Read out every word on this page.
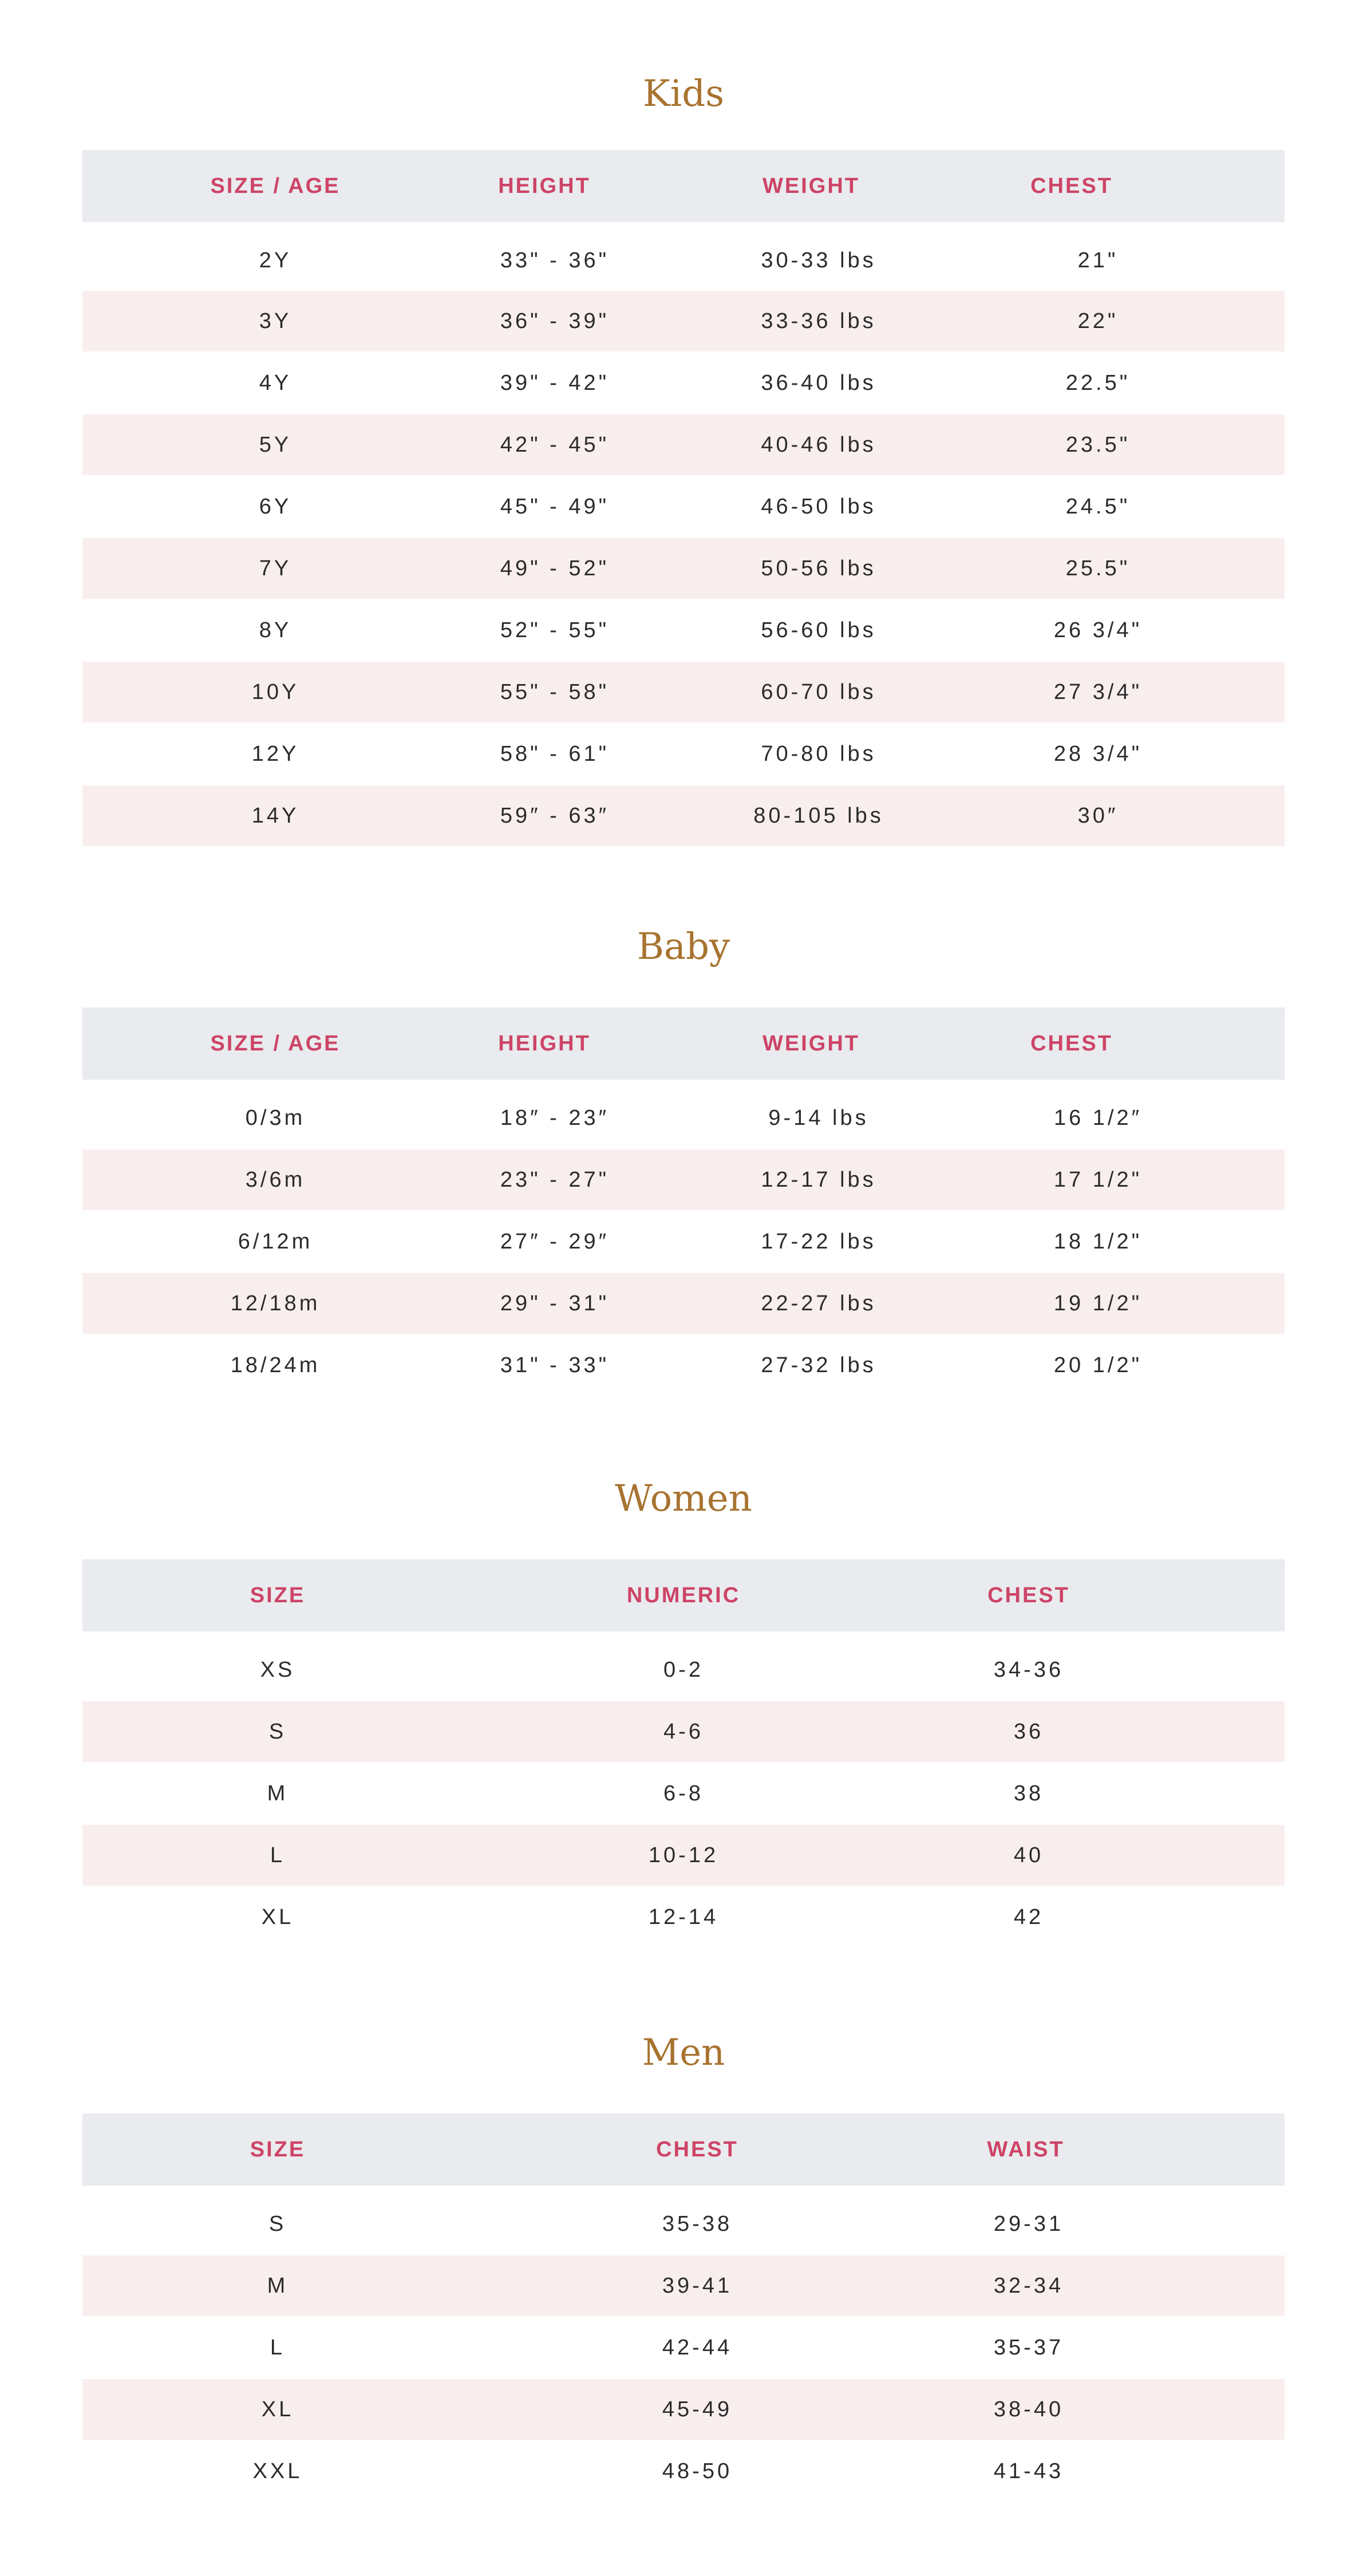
Kids
SIZE / AGE	HEIGHT	WEIGHT	CHEST
2Y	33" - 36"	30-33 lbs	21"
3Y	36" - 39"	33-36 lbs	22"
4Y	39" - 42"	36-40 lbs	22.5"
5Y	42" - 45"	40-46 lbs	23.5"
6Y	45" - 49"	46-50 lbs	24.5"
7Y	49" - 52"	50-56 lbs	25.5"
8Y	52" - 55"	56-60 lbs	26 3/4"
10Y	55" - 58"	60-70 lbs	27 3/4"
12Y	58" - 61"	70-80 lbs	28 3/4"
14Y	59″ - 63″	80-105 lbs	30″
Baby
SIZE / AGE	HEIGHT	WEIGHT	CHEST
0/3m	18″ - 23″	9-14 lbs	16 1/2″
3/6m	23" - 27"	12-17 lbs	17 1/2"
6/12m	27″ - 29″	17-22 lbs	18 1/2"
12/18m	29" - 31"	22-27 lbs	19 1/2"
18/24m	31" - 33"	27-32 lbs	20 1/2"
Women
SIZE	NUMERIC	CHEST
XS	0-2	34-36
S	4-6	36
M	6-8	38
L	10-12	40
XL	12-14	42
Men
SIZE	CHEST	WAIST
S	35-38	29-31
M	39-41	32-34
L	42-44	35-37
XL	45-49	38-40
XXL	48-50	41-43
